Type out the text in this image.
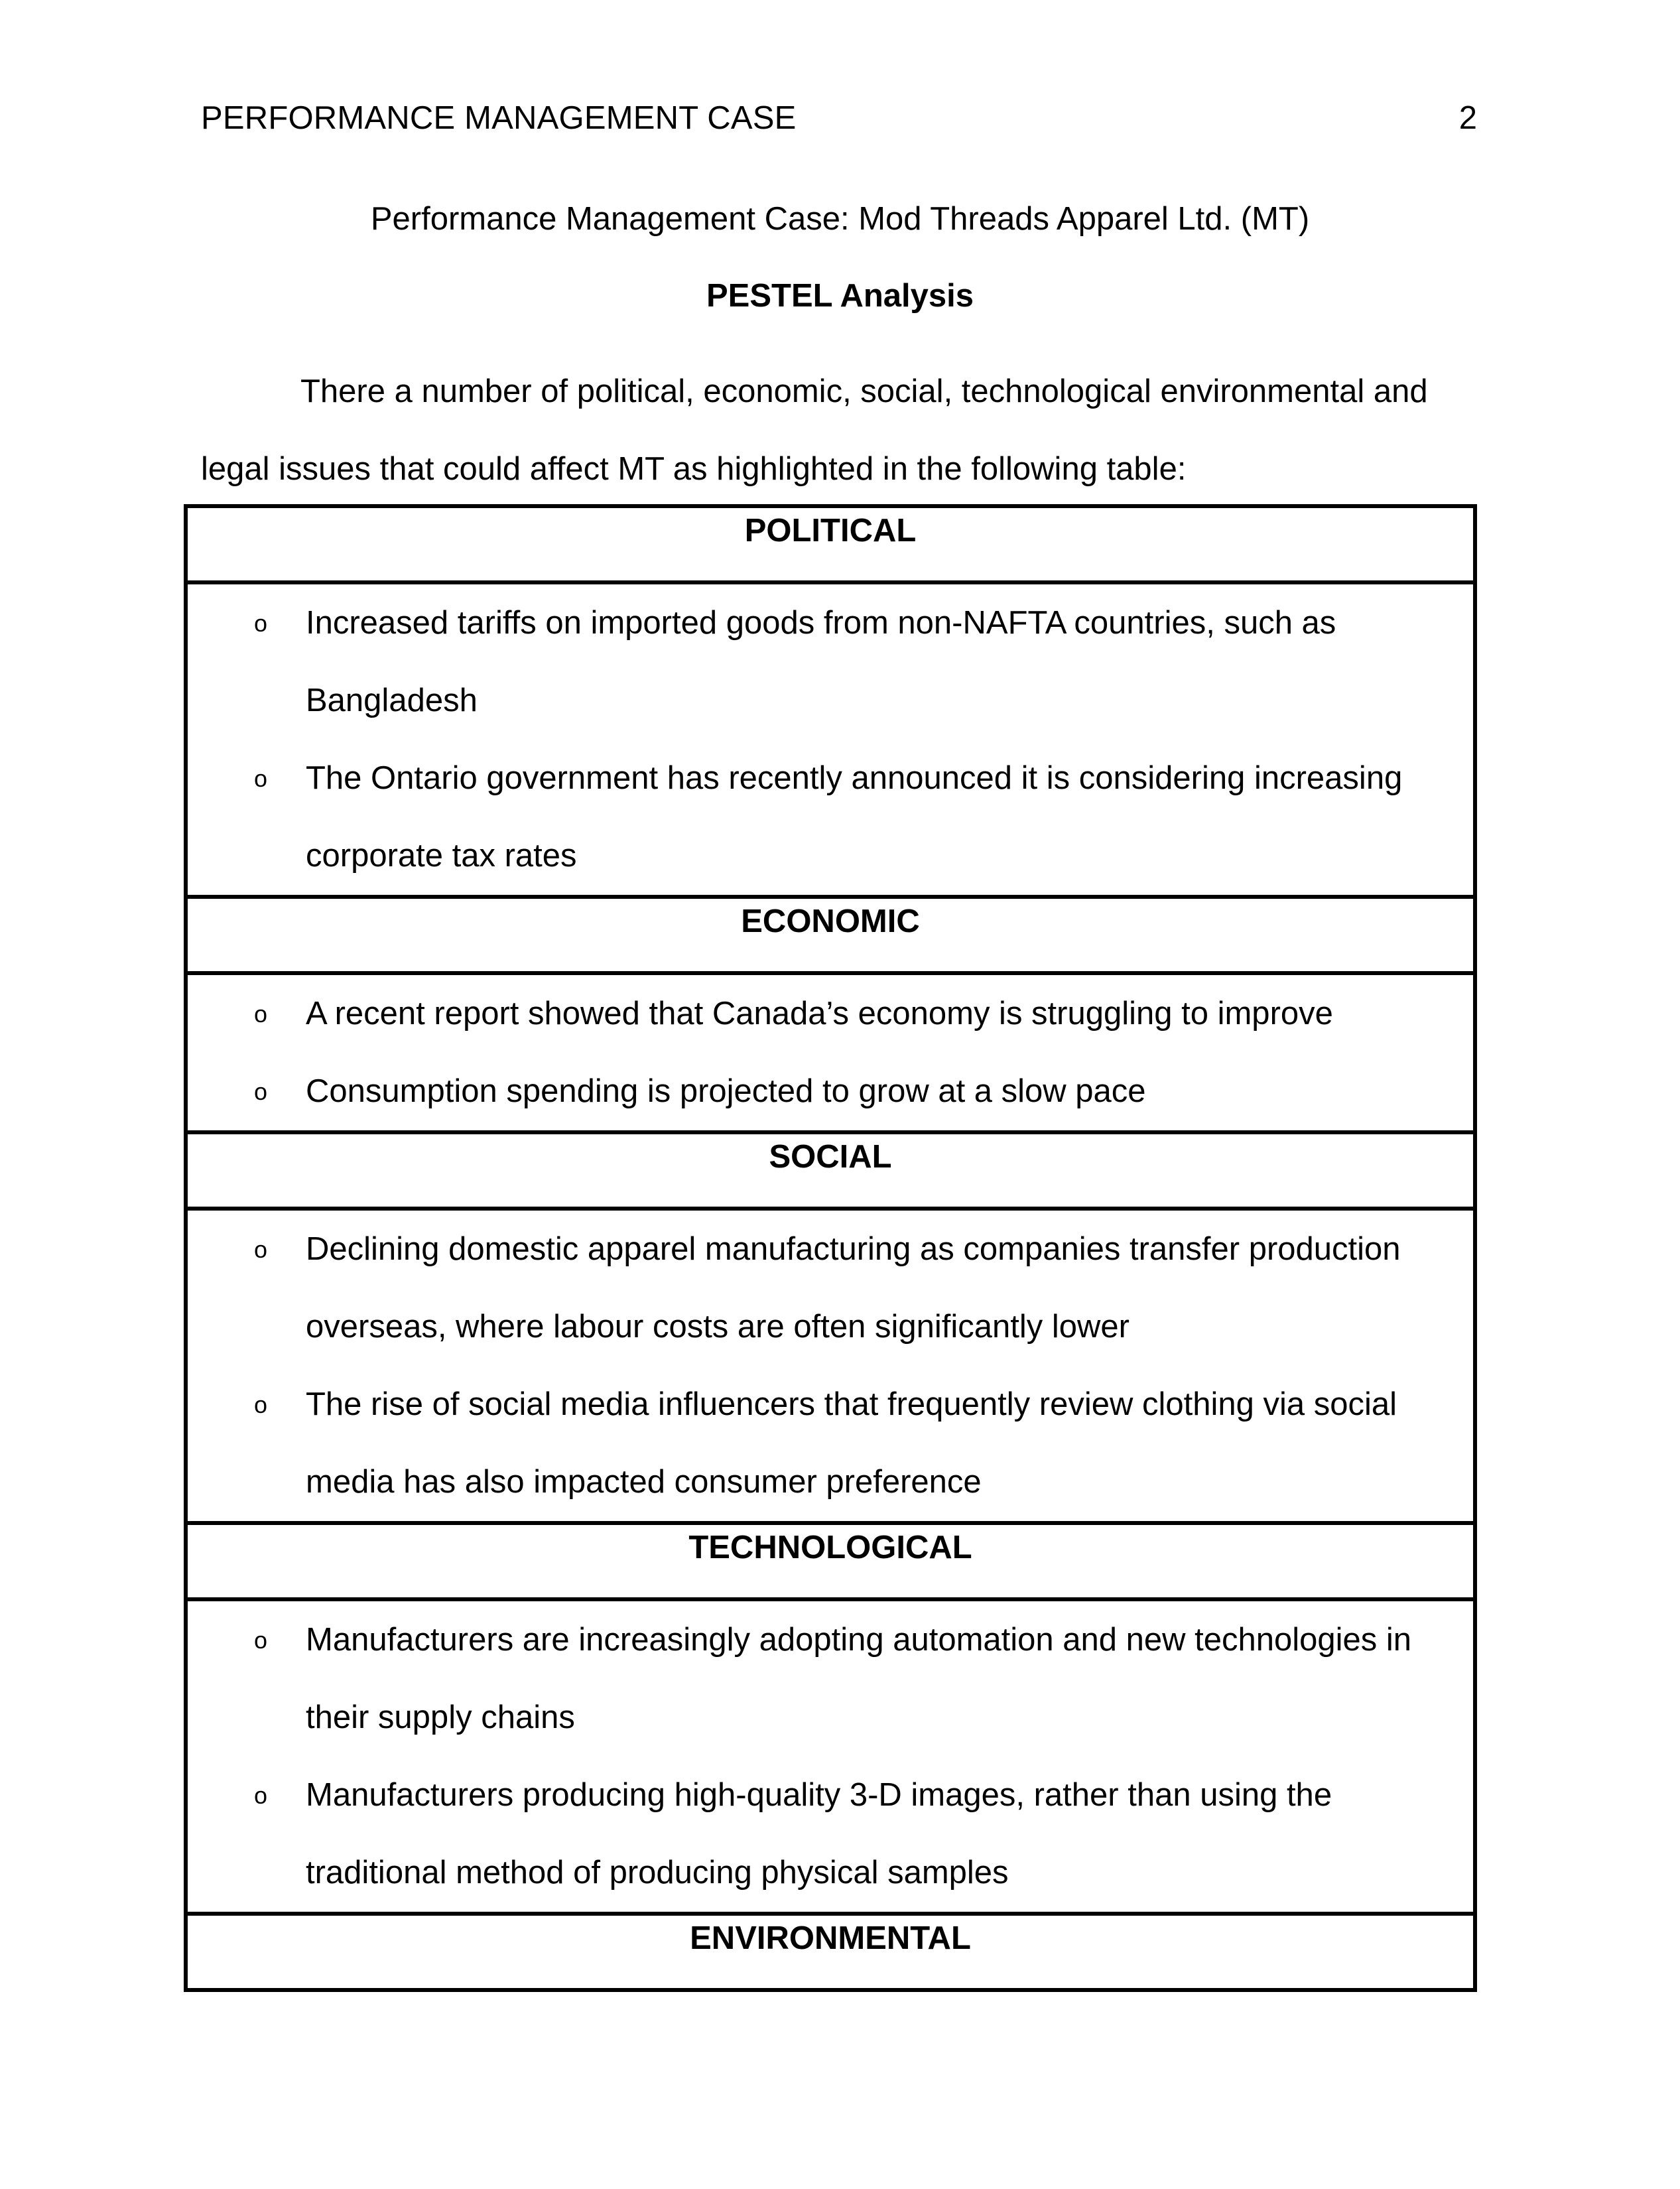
PERFORMANCE MANAGEMENT CASE	2
Performance Management Case: Mod Threads Apparel Ltd. (MT)
PESTEL Analysis
There a number of political, economic, social, technological environmental and legal issues that could affect MT as highlighted in the following table:
POLITICAL

o Increased tariffs on imported goods from non-NAFTA countries, such as Bangladesh
o The Ontario government has recently announced it is considering increasing corporate tax rates

ECONOMIC

o A recent report showed that Canada’s economy is struggling to improve
o Consumption spending is projected to grow at a slow pace

SOCIAL

o Declining domestic apparel manufacturing as companies transfer production overseas, where labour costs are often significantly lower
o The rise of social media influencers that frequently review clothing via social media has also impacted consumer preference

TECHNOLOGICAL

o Manufacturers are increasingly adopting automation and new technologies in their supply chains
o Manufacturers producing high-quality 3-D images, rather than using the traditional method of producing physical samples

ENVIRONMENTAL
